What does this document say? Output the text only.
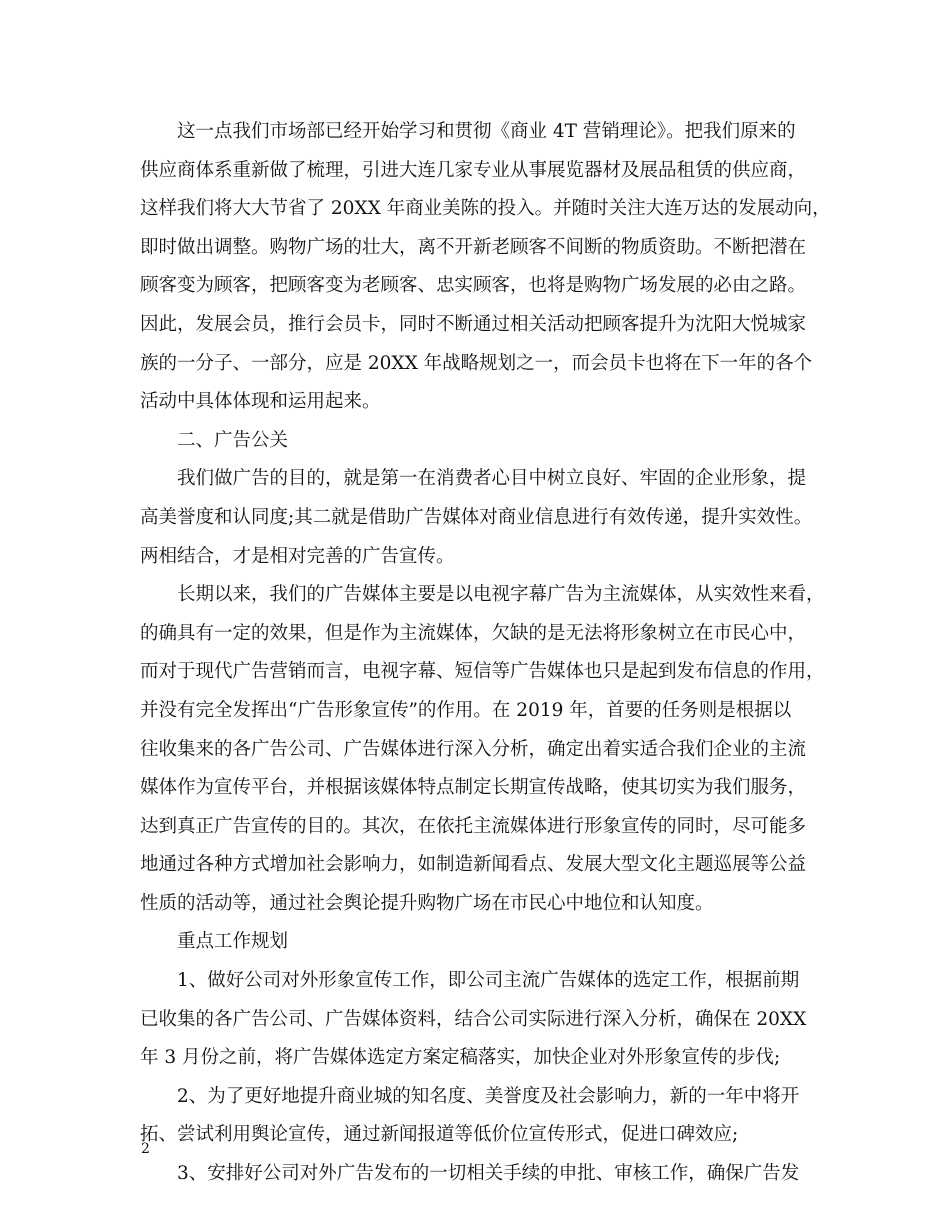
这一点我们市场部已经开始学习和贯彻《商业 4T 营销理论》。把我们原来的
供应商体系重新做了梳理，引进大连几家专业从事展览器材及展品租赁的供应商，
这样我们将大大节省了 20XX 年商业美陈的投入。并随时关注大连万达的发展动向，
即时做出调整。购物广场的壮大，离不开新老顾客不间断的物质资助。不断把潜在
顾客变为顾客，把顾客变为老顾客、忠实顾客，也将是购物广场发展的必由之路。
因此，发展会员，推行会员卡，同时不断通过相关活动把顾客提升为沈阳大悦城家
族的一分子、一部分，应是 20XX 年战略规划之一，而会员卡也将在下一年的各个
活动中具体体现和运用起来。
二、广告公关
我们做广告的目的，就是第一在消费者心目中树立良好、牢固的企业形象，提
高美誉度和认同度;其二就是借助广告媒体对商业信息进行有效传递，提升实效性。
两相结合，才是相对完善的广告宣传。
长期以来，我们的广告媒体主要是以电视字幕广告为主流媒体，从实效性来看，
的确具有一定的效果，但是作为主流媒体，欠缺的是无法将形象树立在市民心中，
而对于现代广告营销而言，电视字幕、短信等广告媒体也只是起到发布信息的作用，
并没有完全发挥出“广告形象宣传”的作用。在 2019 年，首要的任务则是根据以
往收集来的各广告公司、广告媒体进行深入分析，确定出着实适合我们企业的主流
媒体作为宣传平台，并根据该媒体特点制定长期宣传战略，使其切实为我们服务，
达到真正广告宣传的目的。其次，在依托主流媒体进行形象宣传的同时，尽可能多
地通过各种方式增加社会影响力，如制造新闻看点、发展大型文化主题巡展等公益
性质的活动等，通过社会舆论提升购物广场在市民心中地位和认知度。
重点工作规划
1、做好公司对外形象宣传工作，即公司主流广告媒体的选定工作，根据前期
已收集的各广告公司、广告媒体资料，结合公司实际进行深入分析，确保在 20XX
年 3 月份之前，将广告媒体选定方案定稿落实，加快企业对外形象宣传的步伐;
2、为了更好地提升商业城的知名度、美誉度及社会影响力，新的一年中将开
拓、尝试利用舆论宣传，通过新闻报道等低价位宣传形式，促进口碑效应;
3、安排好公司对外广告发布的一切相关手续的申批、审核工作，确保广告发
2
